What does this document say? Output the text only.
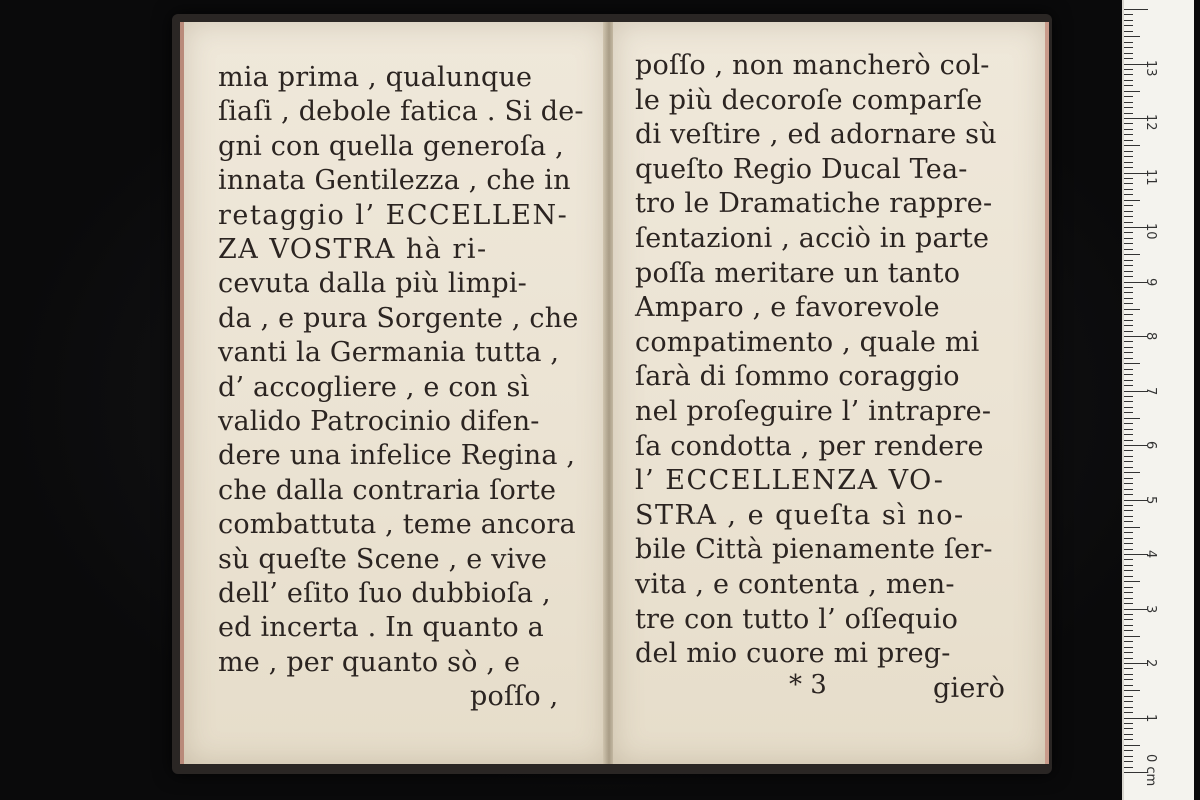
mia prima , qualunque
ſiaſi , debole fatica . Si de-
gni con quella generoſa ,
innata Gentilezza , che in
retaggio l’ ECCELLEN-
ZA VOSTRA hà ri-
cevuta dalla più limpi-
da , e pura Sorgente , che
vanti la Germania tutta ,
d’ accogliere , e con sì
valido Patrocinio difen-
dere una infelice Regina ,
che dalla contraria ſorte
combattuta , teme ancora
sù queſte Scene , e vive
dell’ eſito ſuo dubbioſa ,
ed incerta . In quanto a
me , per quanto sò , e
poſſo ,
poſſo , non mancherò col-
le più decoroſe comparſe
di veſtire , ed adornare sù
queſto Regio Ducal Tea-
tro le Dramatiche rappre-
ſentazioni , acciò in parte
poſſa meritare un tanto
Amparo , e favorevole
compatimento , quale mi
ſarà di ſommo coraggio
nel proſeguire l’ intrapre-
ſa condotta , per rendere
l’ ECCELLENZA VO-
STRA , e queſta sì no-
bile Città pienamente ſer-
vita , e contenta , men-
tre con tutto l’ oſſequio
del mio cuore mi preg-
gierò
* 3
0 cm
1
2
3
4
5
6
7
8
9
10
11
12
13
